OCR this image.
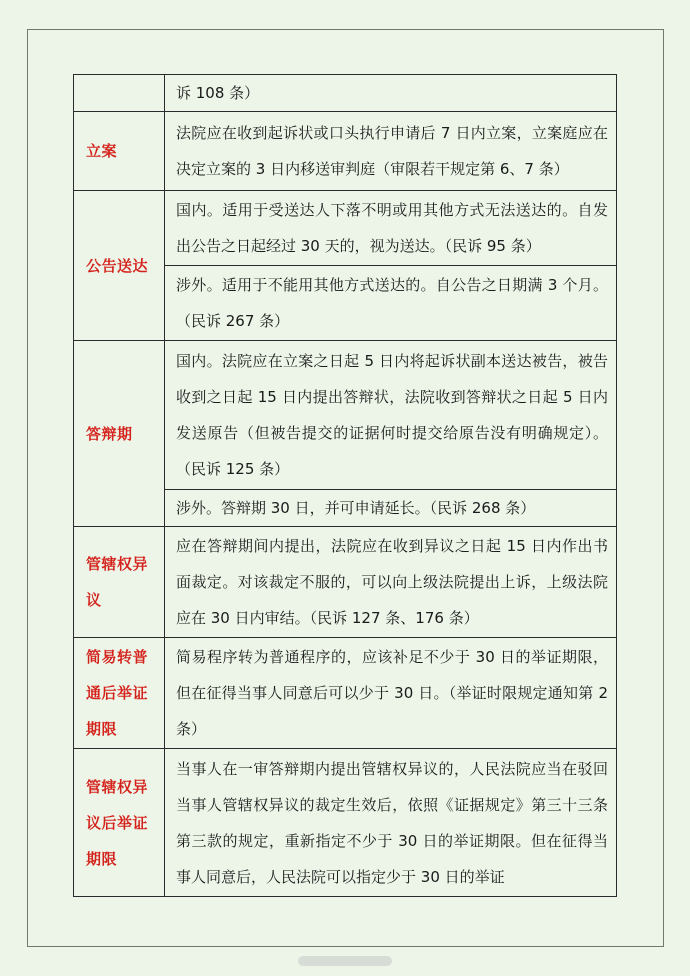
	诉 108 条）
立案	法院应在收到起诉状或口头执行申请后 7 日内立案，立案庭应在决定立案的 3 日内移送审判庭（审限若干规定第 6、7 条）
公告送达	国内。适用于受送达人下落不明或用其他方式无法送达的。自发出公告之日起经过 30 天的，视为送达。（民诉 95 条）
	涉外。适用于不能用其他方式送达的。自公告之日期满 3 个月。（民诉 267 条）
答辩期	国内。法院应在立案之日起 5 日内将起诉状副本送达被告，被告收到之日起 15 日内提出答辩状，法院收到答辩状之日起 5 日内发送原告（但被告提交的证据何时提交给原告没有明确规定）。（民诉 125 条）
	涉外。答辩期 30 日，并可申请延长。（民诉 268 条）
管辖权异议	应在答辩期间内提出，法院应在收到异议之日起 15 日内作出书面裁定。对该裁定不服的，可以向上级法院提出上诉，上级法院应在 30 日内审结。（民诉 127 条、176 条）
简易转普通后举证期限	简易程序转为普通程序的，应该补足不少于 30 日的举证期限，但在征得当事人同意后可以少于 30 日。（举证时限规定通知第 2 条）
管辖权异议后举证期限	当事人在一审答辩期内提出管辖权异议的，人民法院应当在驳回当事人管辖权异议的裁定生效后，依照《证据规定》第三十三条第三款的规定，重新指定不少于 30 日的举证期限。但在征得当事人同意后，人民法院可以指定少于 30 日的举证
